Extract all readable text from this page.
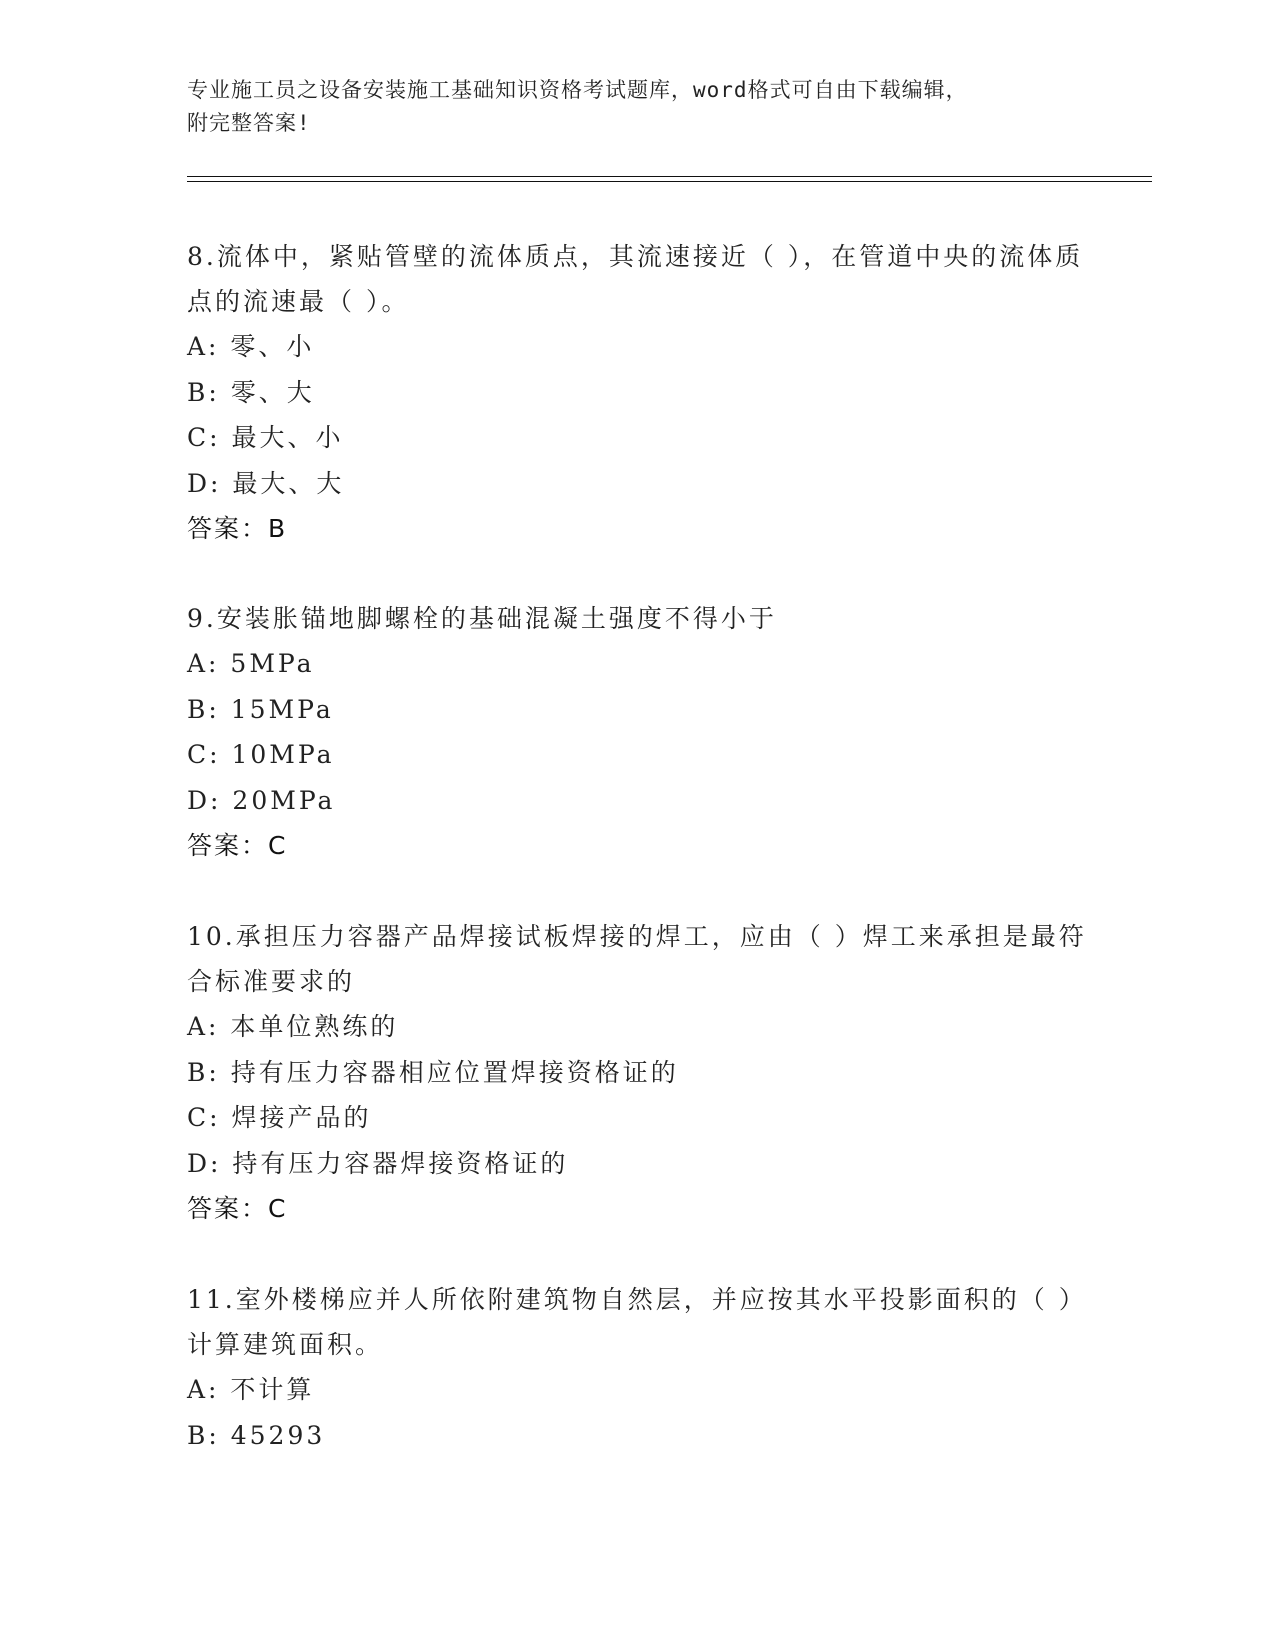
专业施工员之设备安装施工基础知识资格考试题库，word格式可自由下载编辑，
附完整答案!

8.流体中，紧贴管壁的流体质点，其流速接近（ ），在管道中央的流体质点的流速最（ ）。

A: 零、小

B: 零、大

C: 最大、小

D: 最大、大

答案：B

9.安装胀锚地脚螺栓的基础混凝土强度不得小于

A: 5MPa

B: 15MPa

C: 10MPa

D: 20MPa

答案：C

10.承担压力容器产品焊接试板焊接的焊工，应由（ ）焊工来承担是最符合标准要求的

A: 本单位熟练的

B: 持有压力容器相应位置焊接资格证的

C: 焊接产品的

D: 持有压力容器焊接资格证的

答案：C

11.室外楼梯应并人所依附建筑物自然层，并应按其水平投影面积的（ ）计算建筑面积。

A: 不计算

B: 45293
